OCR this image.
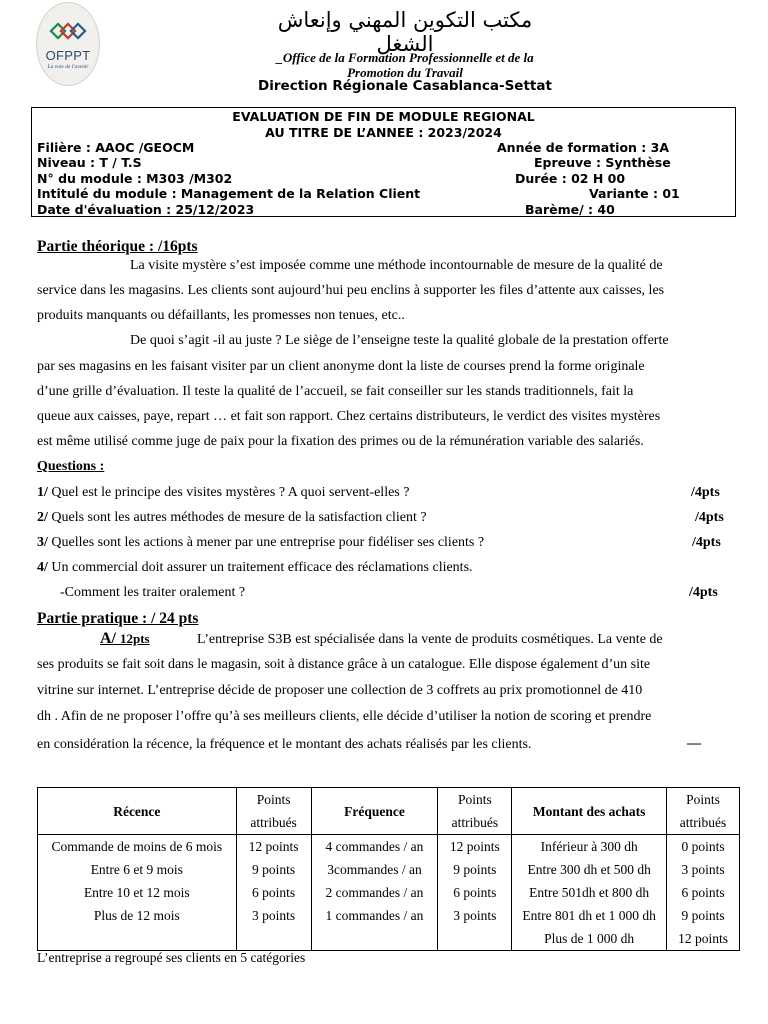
OFPPT
La voie de l'avenir
مكتب التكوين المهني وإنعاش الشغل
_Office de la Formation Professionnelle et de la
Promotion du Travail
Direction Régionale Casablanca-Settat
EVALUATION DE FIN DE MODULE REGIONAL
AU TITRE DE L’ANNEE : 2023/2024
Filière : AAOC /GEOCM	Année de formation : 3A
Niveau : T / T.S	Epreuve : Synthèse
N° du module : M303 /M302	Durée : 02 H 00
Intitulé du module : Management de la Relation Client	Variante : 01
Date d'évaluation : 25/12/2023	Barème/ : 40
Partie théorique : /16pts
La visite mystère s’est imposée comme une méthode incontournable de mesure de la qualité de
service dans les magasins. Les clients sont aujourd’hui peu enclins à supporter les files d’attente aux caisses, les
produits manquants ou défaillants, les promesses non tenues, etc..
De quoi s’agit -il au juste ? Le siège de l’enseigne teste la qualité globale de la prestation offerte
par ses magasins en les faisant visiter par un client anonyme dont la liste de courses prend la forme originale
d’une grille d’évaluation. Il teste la qualité de l’accueil, se fait conseiller sur les stands traditionnels, fait la
queue aux caisses, paye, repart … et fait son rapport. Chez certains distributeurs, le verdict des visites mystères
est même utilisé comme juge de paix pour la fixation des primes ou de la rémunération variable des salariés.
Questions :
1/ Quel est le principe des visites mystères ? A quoi servent-elles ?	/4pts
2/ Quels sont les autres méthodes de mesure de la satisfaction client ?	/4pts
3/ Quelles sont les actions à mener par une entreprise pour fidéliser ses clients ?	/4pts
4/ Un commercial doit assurer un traitement efficace des réclamations clients.
-Comment les traiter oralement ?	/4pts
Partie pratique : / 24 pts
A/ 12pts	L’entreprise S3B est spécialisée dans la vente de produits cosmétiques. La vente de
ses produits se fait soit dans le magasin, soit à distance grâce à un catalogue. Elle dispose également d’un site
vitrine sur internet. L’entreprise décide de proposer une collection de 3 coffrets au prix promotionnel de 410
dh . Afin de ne proposer l’offre qu’à ses meilleurs clients, elle décide d’utiliser la notion de scoring et prendre
en considération la récence, la fréquence et le montant des achats réalisés par les clients.	—
Récence	Points attribués	Fréquence	Points attribués	Montant des achats	Points attribués
Commande de moins de 6 mois	12 points	4 commandes / an	12 points	Inférieur à 300 dh	0 points
Entre 6 et 9 mois	9 points	3commandes / an	9 points	Entre 300 dh et 500 dh	3 points
Entre 10 et 12 mois	6 points	2 commandes / an	6 points	Entre 501dh et 800 dh	6 points
Plus de 12 mois	3 points	1 commandes / an	3 points	Entre 801 dh et 1 000 dh	9 points
				Plus de 1 000 dh	12 points
L’entreprise a regroupé ses clients en 5 catégories
